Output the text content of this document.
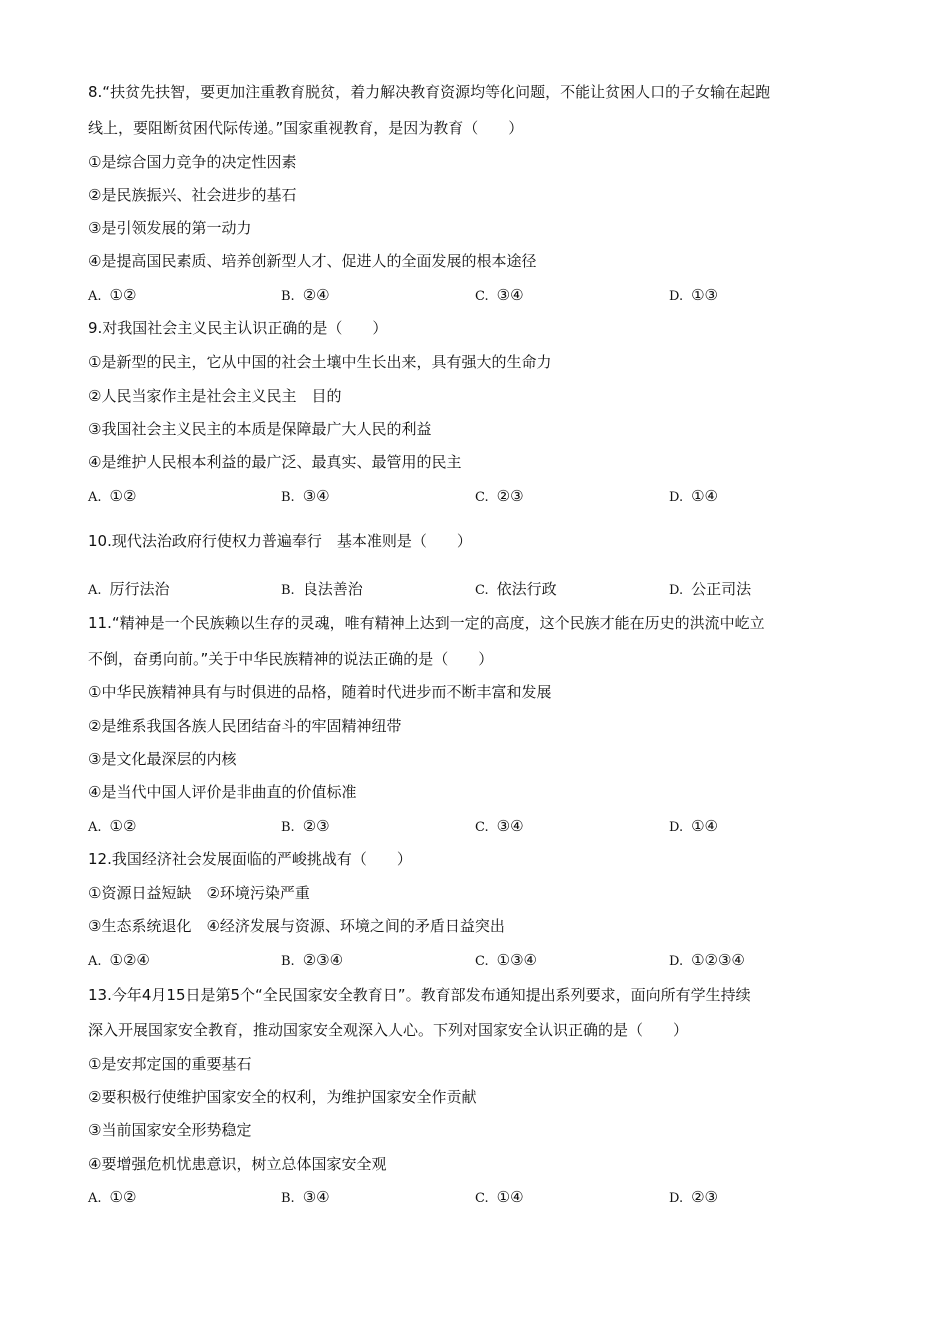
8.“扶贫先扶智，要更加注重教育脱贫，着力解决教育资源均等化问题，不能让贫困人口的子女输在起跑
线上，要阻断贫困代际传递。”国家重视教育，是因为教育（　　）
①是综合国力竞争的决定性因素
②是民族振兴、社会进步的基石
③是引领发展的第一动力
④是提高国民素质、培养创新型人才、促进人的全面发展的根本途径
A. ①②	B. ②④	C. ③④	D. ①③
9.对我国社会主义民主认识正确的是（　　）
①是新型的民主，它从中国的社会土壤中生长出来，具有强大的生命力
②人民当家作主是社会主义民主　目的
③我国社会主义民主的本质是保障最广大人民的利益
④是维护人民根本利益的最广泛、最真实、最管用的民主
A. ①②	B. ③④	C. ②③	D. ①④
10.现代法治政府行使权力普遍奉行　基本准则是（　　）
A. 厉行法治	B. 良法善治	C. 依法行政	D. 公正司法
11.“精神是一个民族赖以生存的灵魂，唯有精神上达到一定的高度，这个民族才能在历史的洪流中屹立
不倒，奋勇向前。”关于中华民族精神的说法正确的是（　　）
①中华民族精神具有与时俱进的品格，随着时代进步而不断丰富和发展
②是维系我国各族人民团结奋斗的牢固精神纽带
③是文化最深层的内核
④是当代中国人评价是非曲直的价值标准
A. ①②	B. ②③	C. ③④	D. ①④
12.我国经济社会发展面临的严峻挑战有（　　）
①资源日益短缺　②环境污染严重
③生态系统退化　④经济发展与资源、环境之间的矛盾日益突出
A. ①②④	B. ②③④	C. ①③④	D. ①②③④
13.今年4月15日是第5个“全民国家安全教育日”。教育部发布通知提出系列要求，面向所有学生持续
深入开展国家安全教育，推动国家安全观深入人心。下列对国家安全认识正确的是（　　）
①是安邦定国的重要基石
②要积极行使维护国家安全的权利，为维护国家安全作贡献
③当前国家安全形势稳定
④要增强危机忧患意识，树立总体国家安全观
A. ①②	B. ③④	C. ①④	D. ②③
